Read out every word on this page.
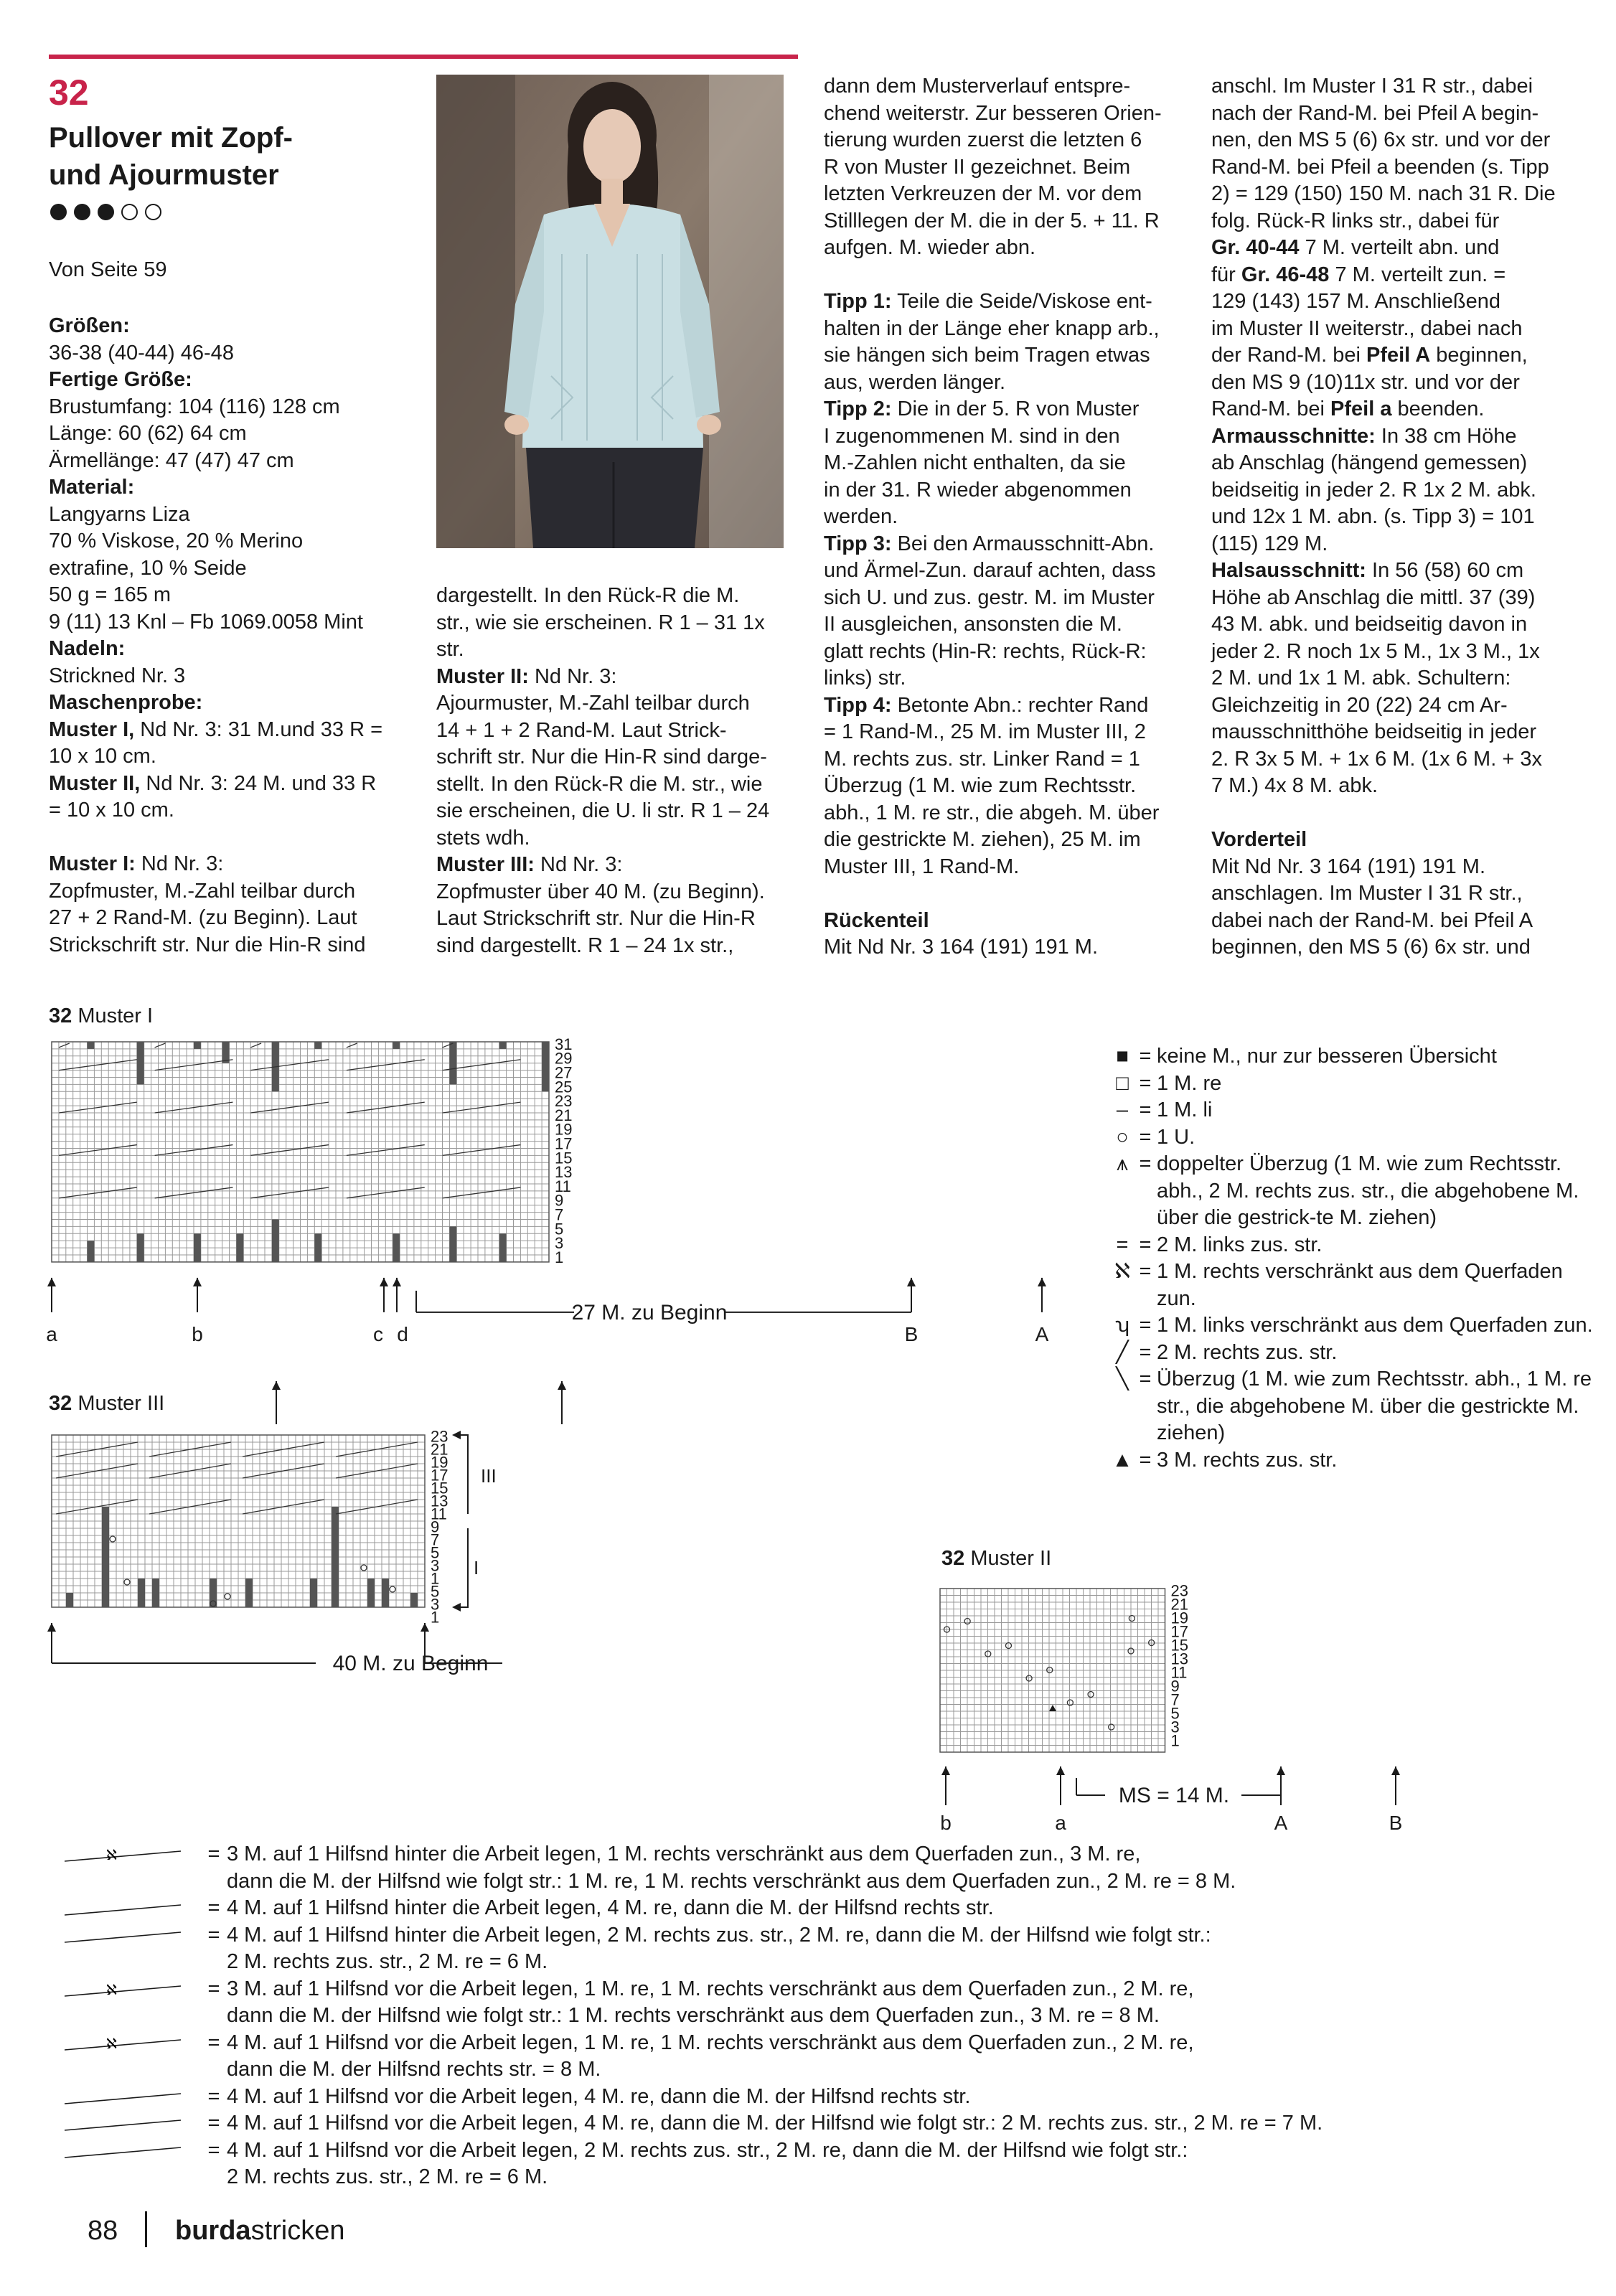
32
Pullover mit Zopf-
und Ajourmuster
Von Seite 59

Größen:

36-38 (40-44) 46-48

Fertige Größe:

Brustumfang: 104 (116) 128 cm

Länge: 60 (62) 64 cm

Ärmellänge: 47 (47) 47 cm

Material:

Langyarns Liza

70 % Viskose, 20 % Merino

extrafine, 10 % Seide

50 g = 165 m

9 (11) 13 Knl – Fb 1069.0058 Mint

Nadeln:

Strickned Nr. 3

Maschenprobe:

Muster I, Nd Nr. 3: 31 M.und 33 R =

10 x 10 cm.

Muster II, Nd Nr. 3: 24 M. und 33 R

= 10 x 10 cm.

Muster I: Nd Nr. 3:

Zopfmuster, M.-Zahl teilbar durch

27 + 2 Rand-M. (zu Beginn). Laut

Strickschrift str. Nur die Hin-R sind

dargestellt. In den Rück-R die M.

str., wie sie erscheinen. R 1 – 31 1x

str.

Muster II: Nd Nr. 3:

Ajourmuster, M.-Zahl teilbar durch

14 + 1 + 2 Rand-M. Laut Strick-

schrift str. Nur die Hin-R sind darge-

stellt. In den Rück-R die M. str., wie

sie erscheinen, die U. li str. R 1 – 24

stets wdh.

Muster III: Nd Nr. 3:

Zopfmuster über 40 M. (zu Beginn).

Laut Strickschrift str. Nur die Hin-R

sind dargestellt. R 1 – 24 1x str.,

dann dem Musterverlauf entspre-

chend weiterstr. Zur besseren Orien-

tierung wurden zuerst die letzten 6

R von Muster II gezeichnet. Beim

letzten Verkreuzen der M. vor dem

Stilllegen der M. die in der 5. + 11. R

aufgen. M. wieder abn.

Tipp 1: Teile die Seide/Viskose ent-

halten in der Länge eher knapp arb.,

sie hängen sich beim Tragen etwas

aus, werden länger.

Tipp 2: Die in der 5. R von Muster

I zugenommenen M. sind in den

M.-Zahlen nicht enthalten, da sie

in der 31. R wieder abgenommen

werden.

Tipp 3: Bei den Armausschnitt-Abn.

und Ärmel-Zun. darauf achten, dass

sich U. und zus. gestr. M. im Muster

II ausgleichen, ansonsten die M.

glatt rechts (Hin-R: rechts, Rück-R:

links) str.

Tipp 4: Betonte Abn.: rechter Rand

= 1 Rand-M., 25 M. im Muster III, 2

M. rechts zus. str. Linker Rand = 1

Überzug (1 M. wie zum Rechtsstr.

abh., 1 M. re str., die abgeh. M. über

die gestrickte M. ziehen), 25 M. im

Muster III, 1 Rand-M.

Rückenteil

Mit Nd Nr. 3 164 (191) 191 M.

anschl. Im Muster I 31 R str., dabei

nach der Rand-M. bei Pfeil A begin-

nen, den MS 5 (6) 6x str. und vor der

Rand-M. bei Pfeil a beenden (s. Tipp

2) = 129 (150) 150 M. nach 31 R. Die

folg. Rück-R links str., dabei für

Gr. 40-44 7 M. verteilt abn. und

für Gr. 46-48 7 M. verteilt zun. =

129 (143) 157 M. Anschließend

im Muster II weiterstr., dabei nach

der Rand-M. bei Pfeil A beginnen,

den MS 9 (10)11x str. und vor der

Rand-M. bei Pfeil a beenden.

Armausschnitte: In 38 cm Höhe

ab Anschlag (hängend gemessen)

beidseitig in jeder 2. R 1x 2 M. abk.

und 12x 1 M. abn. (s. Tipp 3) = 101

(115) 129 M.

Halsausschnitt: In 56 (58) 60 cm

Höhe ab Anschlag die mittl. 37 (39)

43 M. abk. und beidseitig davon in

jeder 2. R noch 1x 5 M., 1x 3 M., 1x

2 M. und 1x 1 M. abk. Schultern:

Gleichzeitig in 20 (22) 24 cm Ar-

mausschnitthöhe beidseitig in jeder

2. R 3x 5 M. + 1x 6 M. (1x 6 M. + 3x

7 M.) 4x 8 M. abk.

Vorderteil

Mit Nd Nr. 3 164 (191) 191 M.

anschlagen. Im Muster I 31 R str.,

dabei nach der Rand-M. bei Pfeil A

beginnen, den MS 5 (6) 6x str. und

32 Muster I
32 Muster III
32 Muster II
31
29
27
25
23
21
19
17
15
13
11
9
7
5
3
1
a	b	c d	B	A
27 M. zu Beginn
23
21
19
17
15
13
11
9
7
5
3
1
5
3
1
III
I
40 M. zu Beginn
23
21
19
17
15
13
11
9
7
5
3
1
b	a	A	B
MS = 14 M.
■ = keine M., nur zur besseren Übersicht
□ = 1 M. re
– = 1 M. li
○ = 1 U.
⩚ = doppelter Überzug (1 M. wie zum Rechtsstr. abh., 2 M. rechts zus. str., die abgehobene M. über die gestrick-te M. ziehen)
= = 2 M. links zus. str.
ℵ = 1 M. rechts verschränkt aus dem Querfaden zun.
ʮ = 1 M. links verschränkt aus dem Querfaden zun.
╱ = 2 M. rechts zus. str.
╲ = Überzug (1 M. wie zum Rechtsstr. abh., 1 M. re str., die abgehobene M. über die gestrickte M. ziehen)
▲ = 3 M. rechts zus. str.
ℵ	= 3 M. auf 1 Hilfsnd hinter die Arbeit legen, 1 M. rechts verschränkt aus dem Querfaden zun., 3 M. re,
dann die M. der Hilfsnd wie folgt str.: 1 M. re, 1 M. rechts verschränkt aus dem Querfaden zun., 2 M. re = 8 M.
= 4 M. auf 1 Hilfsnd hinter die Arbeit legen, 4 M. re, dann die M. der Hilfsnd rechts str.
= 4 M. auf 1 Hilfsnd hinter die Arbeit legen, 2 M. rechts zus. str., 2 M. re, dann die M. der Hilfsnd wie folgt str.:
2 M. rechts zus. str., 2 M. re = 6 M.
ℵ	= 3 M. auf 1 Hilfsnd vor die Arbeit legen, 1 M. re, 1 M. rechts verschränkt aus dem Querfaden zun., 2 M. re,
dann die M. der Hilfsnd wie folgt str.: 1 M. rechts verschränkt aus dem Querfaden zun., 3 M. re = 8 M.
ℵ	= 4 M. auf 1 Hilfsnd vor die Arbeit legen, 1 M. re, 1 M. rechts verschränkt aus dem Querfaden zun., 2 M. re,
dann die M. der Hilfsnd rechts str. = 8 M.
= 4 M. auf 1 Hilfsnd vor die Arbeit legen, 4 M. re, dann die M. der Hilfsnd rechts str.
= 4 M. auf 1 Hilfsnd vor die Arbeit legen, 4 M. re, dann die M. der Hilfsnd wie folgt str.: 2 M. rechts zus. str., 2 M. re = 7 M.
= 4 M. auf 1 Hilfsnd vor die Arbeit legen, 2 M. rechts zus. str., 2 M. re, dann die M. der Hilfsnd wie folgt str.:
2 M. rechts zus. str., 2 M. re = 6 M.
88 burdastricken
